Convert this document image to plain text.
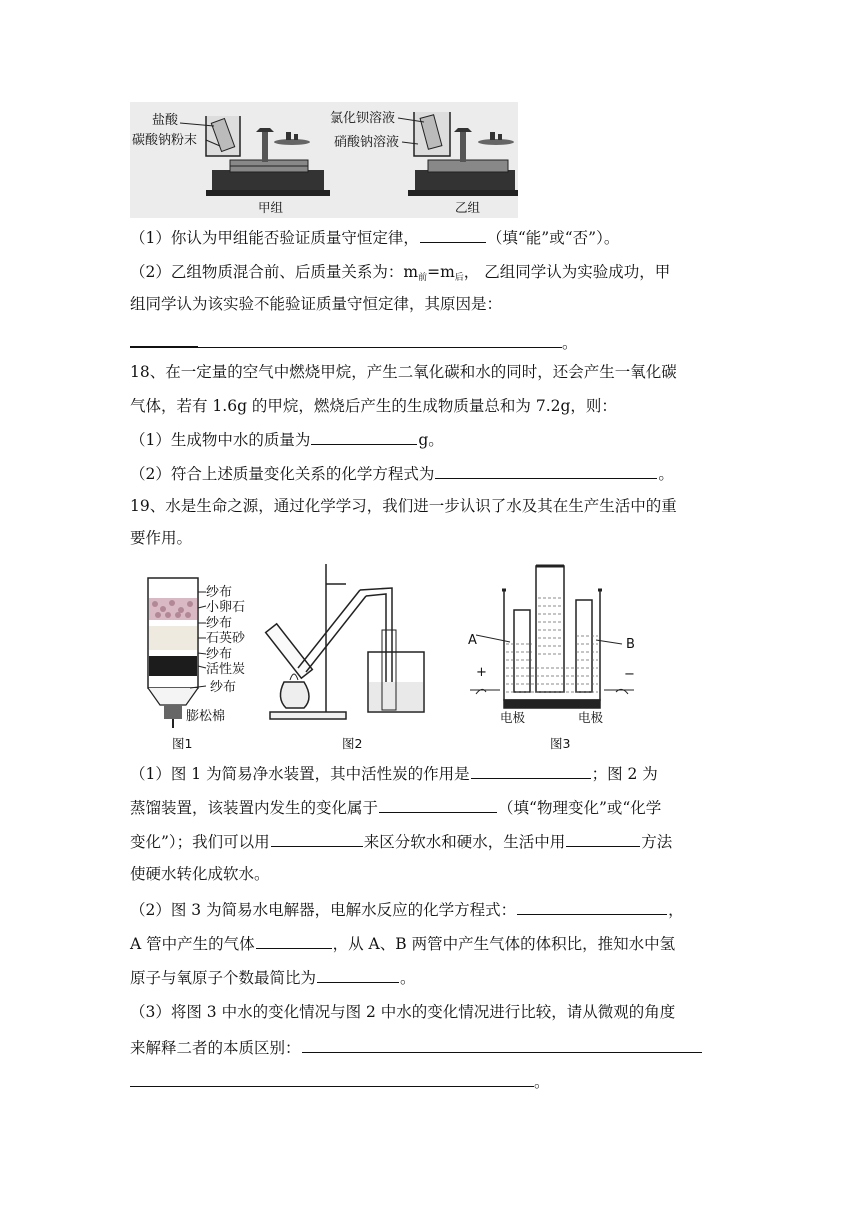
盐酸
碳酸钠粉末
甲组
氯化钡溶液
硝酸钠溶液
乙组
（1）你认为甲组能否验证质量守恒定律，	（填“能”或“否”）。
（2）乙组物质混合前、后质量关系为：$m_前=m_后$， 乙组同学认为实验成功，甲
组同学认为该实验不能验证质量守恒定律，其原因是：
。
18、在一定量的空气中燃烧甲烷，产生二氧化碳和水的同时，还会产生一氧化碳
气体，若有 1.6g 的甲烷，燃烧后产生的生成物质量总和为 7.2g，则：
（1）生成物中水的质量为	g。
（2）符合上述质量变化关系的化学方程式为	。
19、水是生命之源，通过化学学习，我们进一步认识了水及其在生产生活中的重
要作用。
纱布
小卵石
纱布
石英砂
纱布
活性炭
纱布
膨松棉
图1	图2
A	B
+	−
电极	电极
图3
（1）图 1 为简易净水装置，其中活性炭的作用是	；图 2 为
蒸馏装置，该装置内发生的变化属于	（填“物理变化”或“化学
变化”）；我们可以用	来区分软水和硬水，生活中用	方法
使硬水转化成软水。
（2）图 3 为简易水电解器，电解水反应的化学方程式：	，
A 管中产生的气体	，从 A、B 两管中产生气体的体积比，推知水中氢
原子与氧原子个数最简比为	。
（3）将图 3 中水的变化情况与图 2 中水的变化情况进行比较，请从微观的角度
来解释二者的本质区别：
。
